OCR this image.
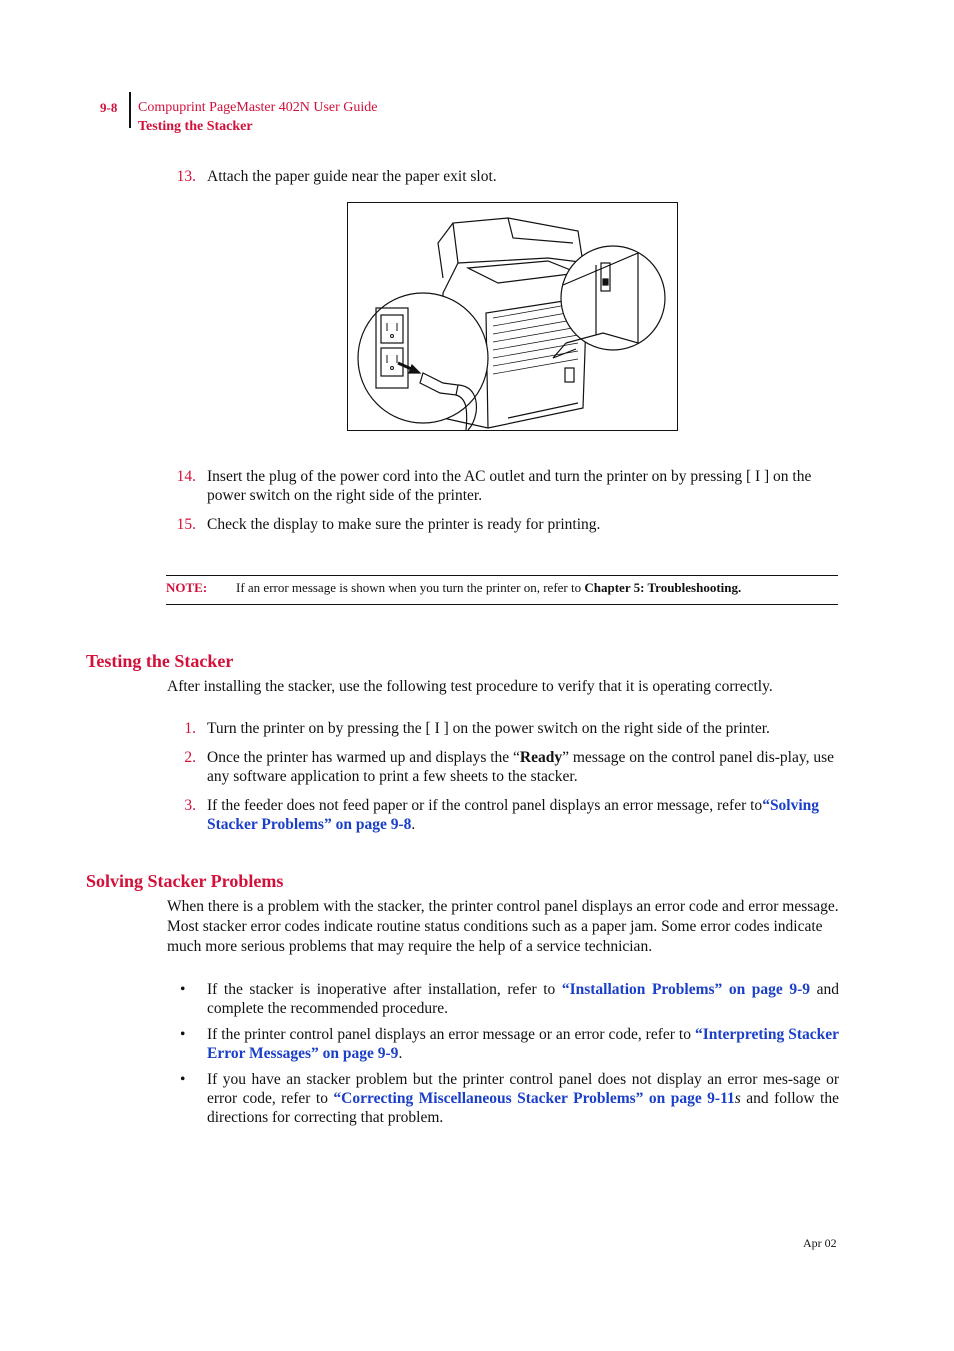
9-8 Compuprint PageMaster 402N User Guide
Testing the Stacker
13. Attach the paper guide near the paper exit slot.
14. Insert the plug of the power cord into the AC outlet and turn the printer on by pressing [ I ] on the power switch on the right side of the printer.
15. Check the display to make sure the printer is ready for printing.
NOTE: If an error message is shown when you turn the printer on, refer to Chapter 5: Troubleshooting.
Testing the Stacker
After installing the stacker, use the following test procedure to verify that it is operating correctly.
1. Turn the printer on by pressing the [ I ] on the power switch on the right side of the printer.
2. Once the printer has warmed up and displays the “Ready” message on the control panel dis-play, use any software application to print a few sheets to the stacker.
3. If the feeder does not feed paper or if the control panel displays an error message, refer to“Solving Stacker Problems” on page 9-8.
Solving Stacker Problems
When there is a problem with the stacker, the printer control panel displays an error code and error message. Most stacker error codes indicate routine status conditions such as a paper jam. Some error codes indicate much more serious problems that may require the help of a service technician.
• If the stacker is inoperative after installation, refer to “Installation Problems” on page 9-9 and complete the recommended procedure.
• If the printer control panel displays an error message or an error code, refer to “Interpreting Stacker Error Messages” on page 9-9.
• If you have an stacker problem but the printer control panel does not display an error mes-sage or error code, refer to “Correcting Miscellaneous Stacker Problems” on page 9-11s and follow the directions for correcting that problem.
Apr 02
